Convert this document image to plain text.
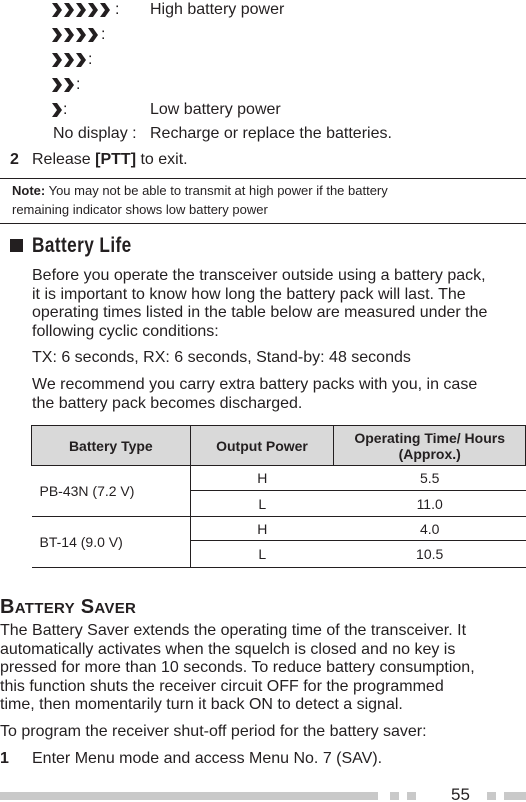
: High battery power
:
:
:
:	Low battery power
No display : Recharge or replace the batteries.
2 Release [PTT] to exit.
Note: You may not be able to transmit at high power if the battery
remaining indicator shows low battery power
Battery Life
Before you operate the transceiver outside using a battery pack,
it is important to know how long the battery pack will last. The
operating times listed in the table below are measured under the
following cyclic conditions:
TX: 6 seconds, RX: 6 seconds, Stand-by: 48 seconds
We recommend you carry extra battery packs with you, in case
the battery pack becomes discharged.
Battery Type	Output Power	Operating Time/ Hours
(Approx.)

PB-43N (7.2 V)	H	5.5
	L	11.0
BT-14 (9.0 V)	H	4.0
	L	10.5
BATTERY SAVER
The Battery Saver extends the operating time of the transceiver. It
automatically activates when the squelch is closed and no key is
pressed for more than 10 seconds. To reduce battery consumption,
this function shuts the receiver circuit OFF for the programmed
time, then momentarily turn it back ON to detect a signal.
To program the receiver shut-off period for the battery saver:
1 Enter Menu mode and access Menu No. 7 (SAV).
55
